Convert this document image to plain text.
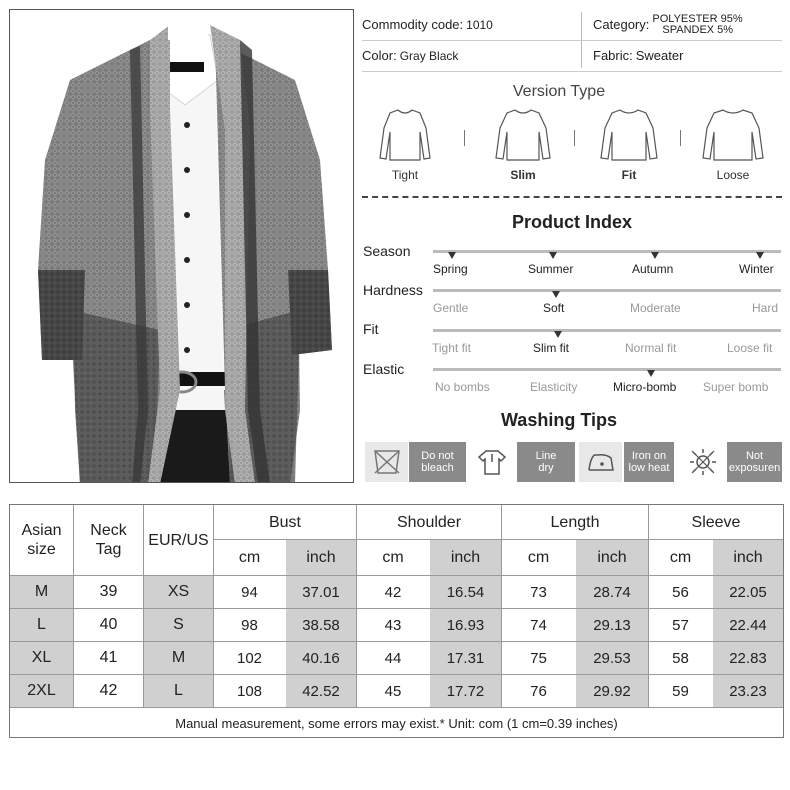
Commodity code: 1010	Category: POLYESTER 95%
SPANDEX 5%
Color: Gray Black	Fabric: Sweater
Version Type
Tight	Slim	Fit	Loose
Product Index
Season
Spring	Summer	Autumn	Winter
Hardness
Gentle	Soft	Moderate	Hard
Fit
Tight fit	Slim fit	Normal fit	Loose fit
Elastic
No bombs	Elasticity	Micro-bomb Super bomb
Washing Tips
Do not
bleach
Line
dry
Iron on
low heat
Not
exposuren
Asian
size
Neck
Tag
EUR/US
Bust	Shoulder	Length	Sleeve
cm	inch	cm	inch	cm	inch	cm	inch
M	39	XS	94	37.01	42	16.54	73	28.74	56	22.05
L	40	S	98	38.58	43	16.93	74	29.13	57	22.44
XL	41	M	102	40.16	44	17.31	75	29.53	58	22.83
2XL	42	L	108	42.52	45	17.72	76	29.92	59	23.23
Manual measurement, some errors may exist.* Unit: com (1 cm=0.39 inches)
